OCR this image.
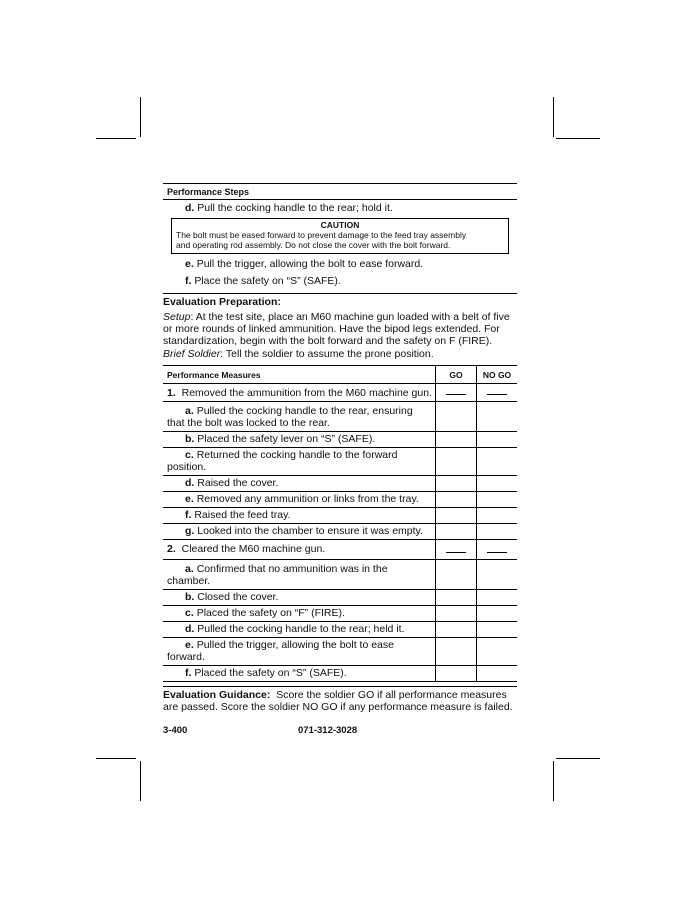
Performance Steps
d. Pull the cocking handle to the rear; hold it.
CAUTION
The bolt must be eased forward to prevent damage to the feed tray assembly
and operating rod assembly. Do not close the cover with the bolt forward.
e. Pull the trigger, allowing the bolt to ease forward.
f. Place the safety on “S” (SAFE).
Evaluation Preparation:
Setup: At the test site, place an M60 machine gun loaded with a belt of five or more rounds of linked ammunition. Have the bipod legs extended. For standardization, begin with the bolt forward and the safety on F (FIRE).
Brief Soldier: Tell the soldier to assume the prone position.
Performance Measures	GO	NO GO
1. Removed the ammunition from the M60 machine gun.		
a. Pulled the cocking handle to the rear, ensuring that the bolt was locked to the rear.		
b. Placed the safety lever on “S” (SAFE).		
c. Returned the cocking handle to the forward position.		
d. Raised the cover.		
e. Removed any ammunition or links from the tray.		
f. Raised the feed tray.		
g. Looked into the chamber to ensure it was empty.		
2. Cleared the M60 machine gun.		
a. Confirmed that no ammunition was in the chamber.		
b. Closed the cover.		
c. Placed the safety on “F” (FIRE).		
d. Pulled the cocking handle to the rear; held it.		
e. Pulled the trigger, allowing the bolt to ease forward.		
f. Placed the safety on “S” (SAFE).		
Evaluation Guidance: Score the soldier GO if all performance measures are passed. Score the soldier NO GO if any performance measure is failed.
3-400	071-312-3028
